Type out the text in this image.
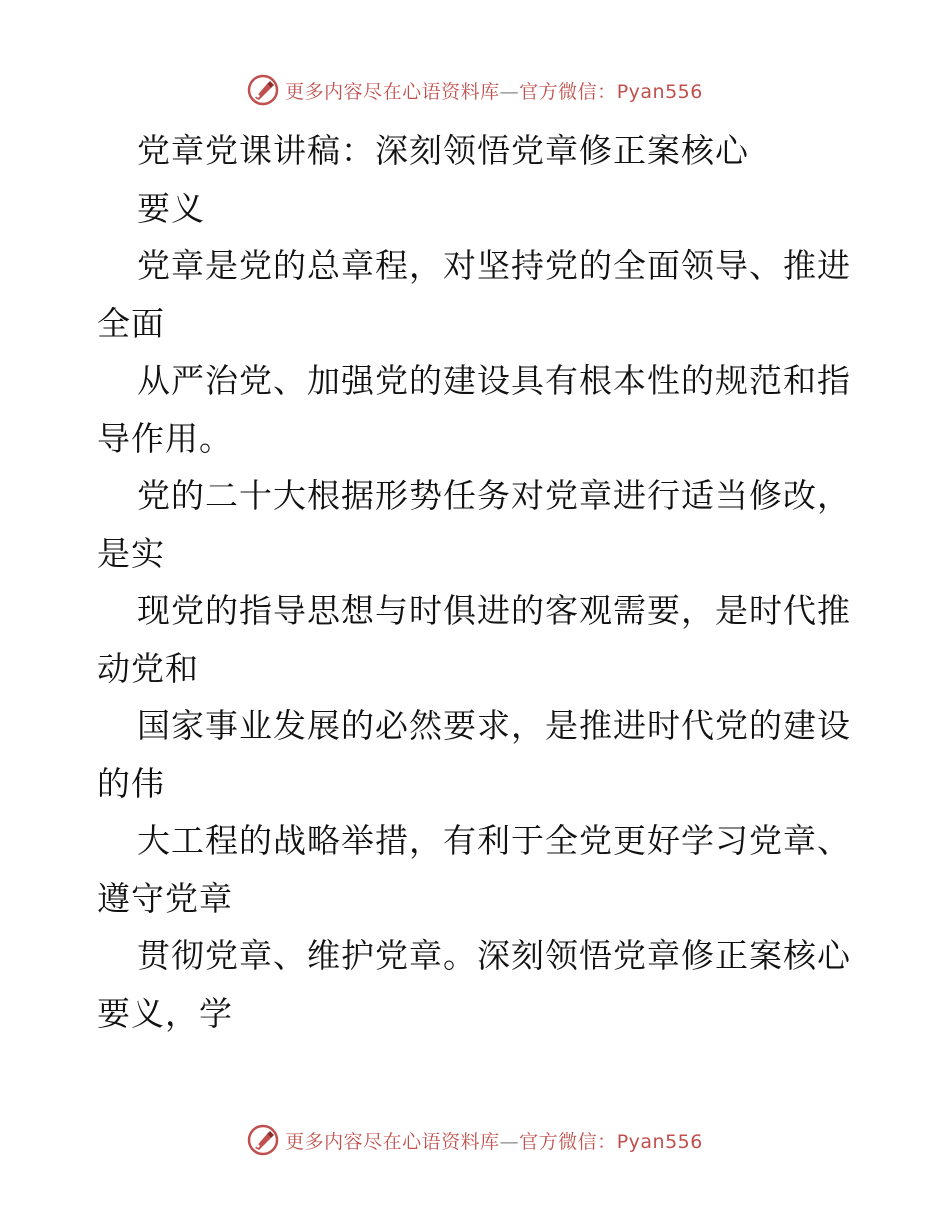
更多内容尽在心语资料库—官方微信：Pyan556
党章党课讲稿：深刻领悟党章修正案核心
要义
党章是党的总章程，对坚持党的全面领导、推进
全面
从严治党、加强党的建设具有根本性的规范和指
导作用。
党的二十大根据形势任务对党章进行适当修改，
是实
现党的指导思想与时俱进的客观需要，是时代推
动党和
国家事业发展的必然要求，是推进时代党的建设
的伟
大工程的战略举措，有利于全党更好学习党章、
遵守党章
贯彻党章、维护党章。深刻领悟党章修正案核心
要义，学
更多内容尽在心语资料库—官方微信：Pyan556
